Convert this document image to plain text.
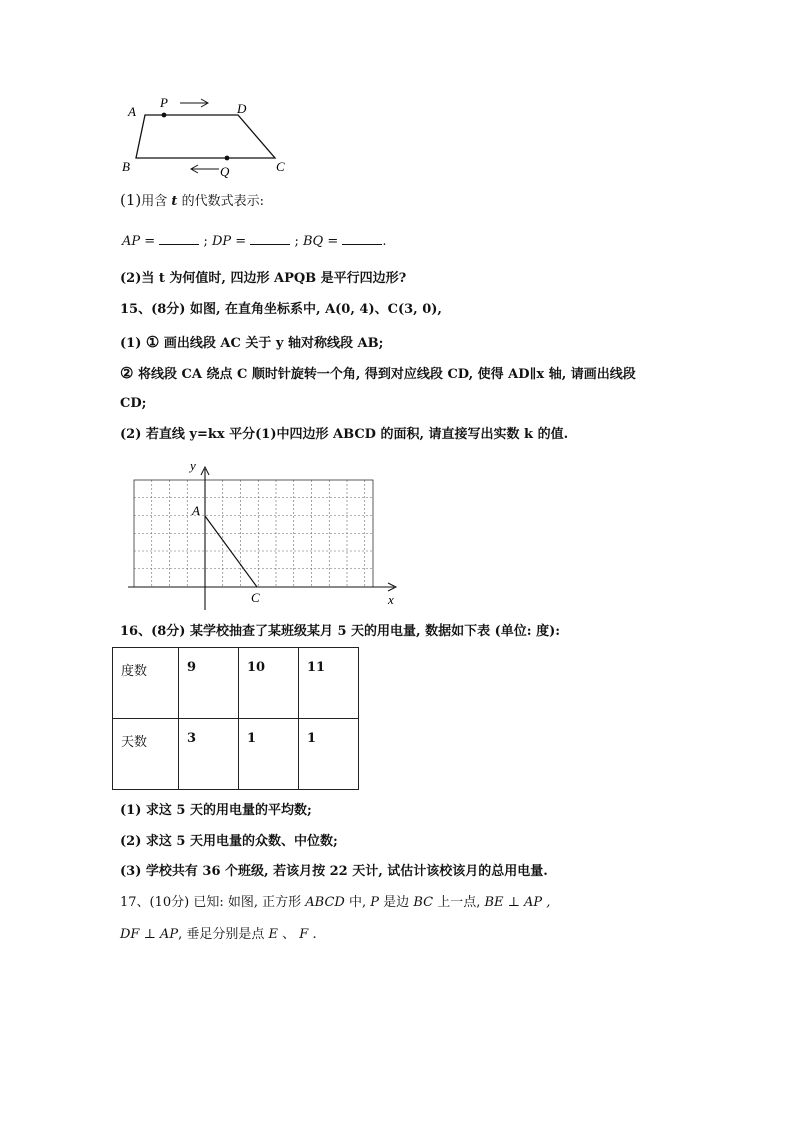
A
P	D
B	Q	C
(1)用含 t 的代数式表示:
AP =	; DP =	; BQ =	.
(2)当 t 为何值时, 四边形 APQB 是平行四边形?
15、(8分) 如图, 在直角坐标系中, A(0, 4)、C(3, 0),
(1) ① 画出线段 AC 关于 y 轴对称线段 AB;
② 将线段 CA 绕点 C 顺时针旋转一个角, 得到对应线段 CD, 使得 AD∥x 轴, 请画出线段
CD;
(2) 若直线 y=kx 平分(1)中四边形 ABCD 的面积, 请直接写出实数 k 的值.
y
x
A
C
16、(8分) 某学校抽查了某班级某月 5 天的用电量, 数据如下表 (单位: 度):
度数	9	10	11
天数	3	1	1
(1) 求这 5 天的用电量的平均数;
(2) 求这 5 天用电量的众数、中位数;
(3) 学校共有 36 个班级, 若该月按 22 天计, 试估计该校该月的总用电量.
17、(10分) 已知: 如图, 正方形 ABCD 中, P 是边 BC 上一点, BE ⊥ AP ,
DF ⊥ AP, 垂足分别是点 E 、 F .
